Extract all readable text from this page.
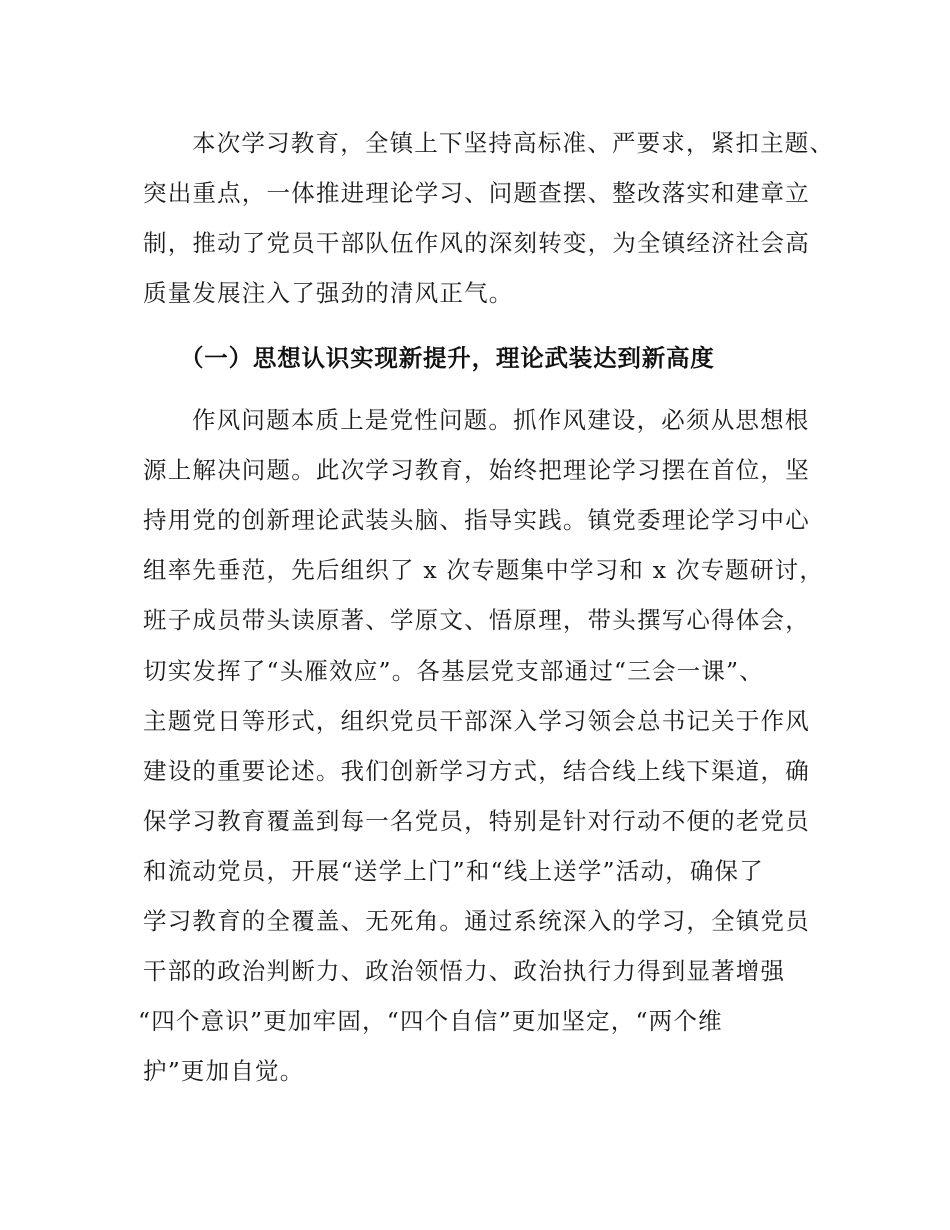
本次学习教育，全镇上下坚持高标准、严要求，紧扣主题、
突出重点，一体推进理论学习、问题查摆、整改落实和建章立
制，推动了党员干部队伍作风的深刻转变，为全镇经济社会高
质量发展注入了强劲的清风正气。
（一）思想认识实现新提升，理论武装达到新高度
作风问题本质上是党性问题。抓作风建设，必须从思想根
源上解决问题。此次学习教育，始终把理论学习摆在首位，坚
持用党的创新理论武装头脑、指导实践。镇党委理论学习中心
组率先垂范，先后组织了 x 次专题集中学习和 x 次专题研讨，
班子成员带头读原著、学原文、悟原理，带头撰写心得体会，
切实发挥了“头雁效应”。各基层党支部通过“三会一课”、
主题党日等形式，组织党员干部深入学习领会总书记关于作风
建设的重要论述。我们创新学习方式，结合线上线下渠道，确
保学习教育覆盖到每一名党员，特别是针对行动不便的老党员
和流动党员，开展“送学上门”和“线上送学”活动，确保了
学习教育的全覆盖、无死角。通过系统深入的学习，全镇党员
干部的政治判断力、政治领悟力、政治执行力得到显著增强
“四个意识”更加牢固，“四个自信”更加坚定，“两个维
护”更加自觉。
